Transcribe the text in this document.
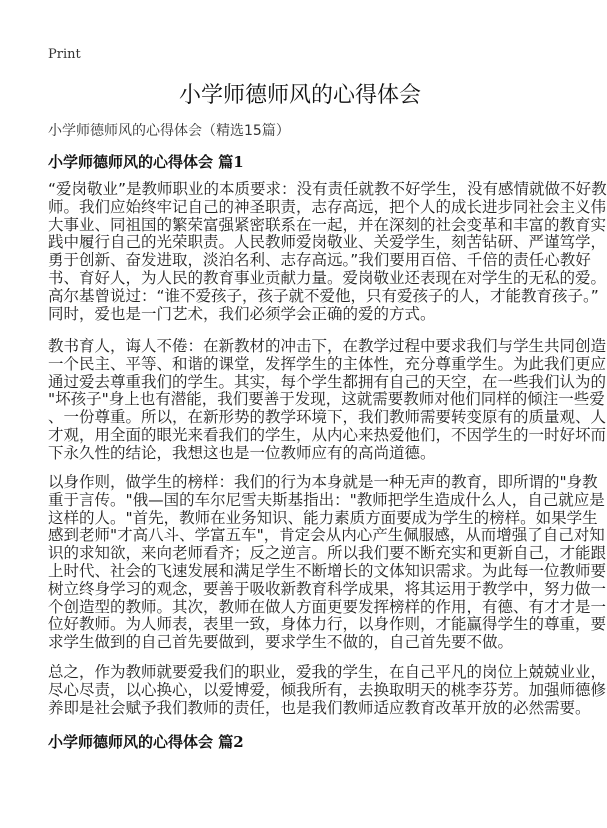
Print
小学师德师风的心得体会
小学师德师风的心得体会（精选15篇）
小学师德师风的心得体会 篇1
“爱岗敬业”是教师职业的本质要求：没有责任就教不好学生，没有感情就做不好教
师。我们应始终牢记自己的神圣职责，志存高远，把个人的成长进步同社会主义伟
大事业、同祖国的繁荣富强紧密联系在一起，并在深刻的社会变革和丰富的教育实
践中履行自己的光荣职责。人民教师爱岗敬业、关爱学生，刻苦钻研、严谨笃学，
勇于创新、奋发进取，淡泊名利、志存高远。”我们要用百倍、千倍的责任心教好
书、育好人，为人民的教育事业贡献力量。爱岗敬业还表现在对学生的无私的爱。
高尔基曾说过：“谁不爱孩子，孩子就不爱他，只有爱孩子的人，才能教育孩子。”
同时，爱也是一门艺术，我们必须学会正确的爱的方式。
教书育人，诲人不倦：在新教材的冲击下，在教学过程中要求我们与学生共同创造
一个民主、平等、和谐的课堂，发挥学生的主体性，充分尊重学生。为此我们更应
通过爱去尊重我们的学生。其实，每个学生都拥有自己的天空，在一些我们认为的
"坏孩子"身上也有潜能，我们要善于发现，这就需要教师对他们同样的倾注一些爱
、一份尊重。所以，在新形势的教学环境下，我们教师需要转变原有的质量观、人
才观，用全面的眼光来看我们的学生，从内心来热爱他们，不因学生的一时好坏而
下永久性的结论，我想这也是一位教师应有的高尚道德。
以身作则，做学生的榜样：我们的行为本身就是一种无声的教育，即所谓的"身教
重于言传。"俄—国的车尔尼雪夫斯基指出："教师把学生造成什么人，自己就应是
这样的人。"首先，教师在业务知识、能力素质方面要成为学生的榜样。如果学生
感到老师"才高八斗、学富五车"，肯定会从内心产生佩服感，从而增强了自己对知
识的求知欲，来向老师看齐；反之逆言。所以我们要不断充实和更新自己，才能跟
上时代、社会的飞速发展和满足学生不断增长的文体知识需求。为此每一位教师要
树立终身学习的观念，要善于吸收新教育科学成果，将其运用于教学中，努力做一
个创造型的教师。其次，教师在做人方面更要发挥榜样的作用，有德、有才才是一
位好教师。为人师表，表里一致，身体力行，以身作则，才能赢得学生的尊重，要
求学生做到的自己首先要做到，要求学生不做的，自己首先要不做。
总之，作为教师就要爱我们的职业，爱我的学生，在自己平凡的岗位上兢兢业业，
尽心尽责，以心换心，以爱博爱，倾我所有，去换取明天的桃李芬芳。加强师德修
养即是社会赋予我们教师的责任，也是我们教师适应教育改革开放的必然需要。
小学师德师风的心得体会 篇2
